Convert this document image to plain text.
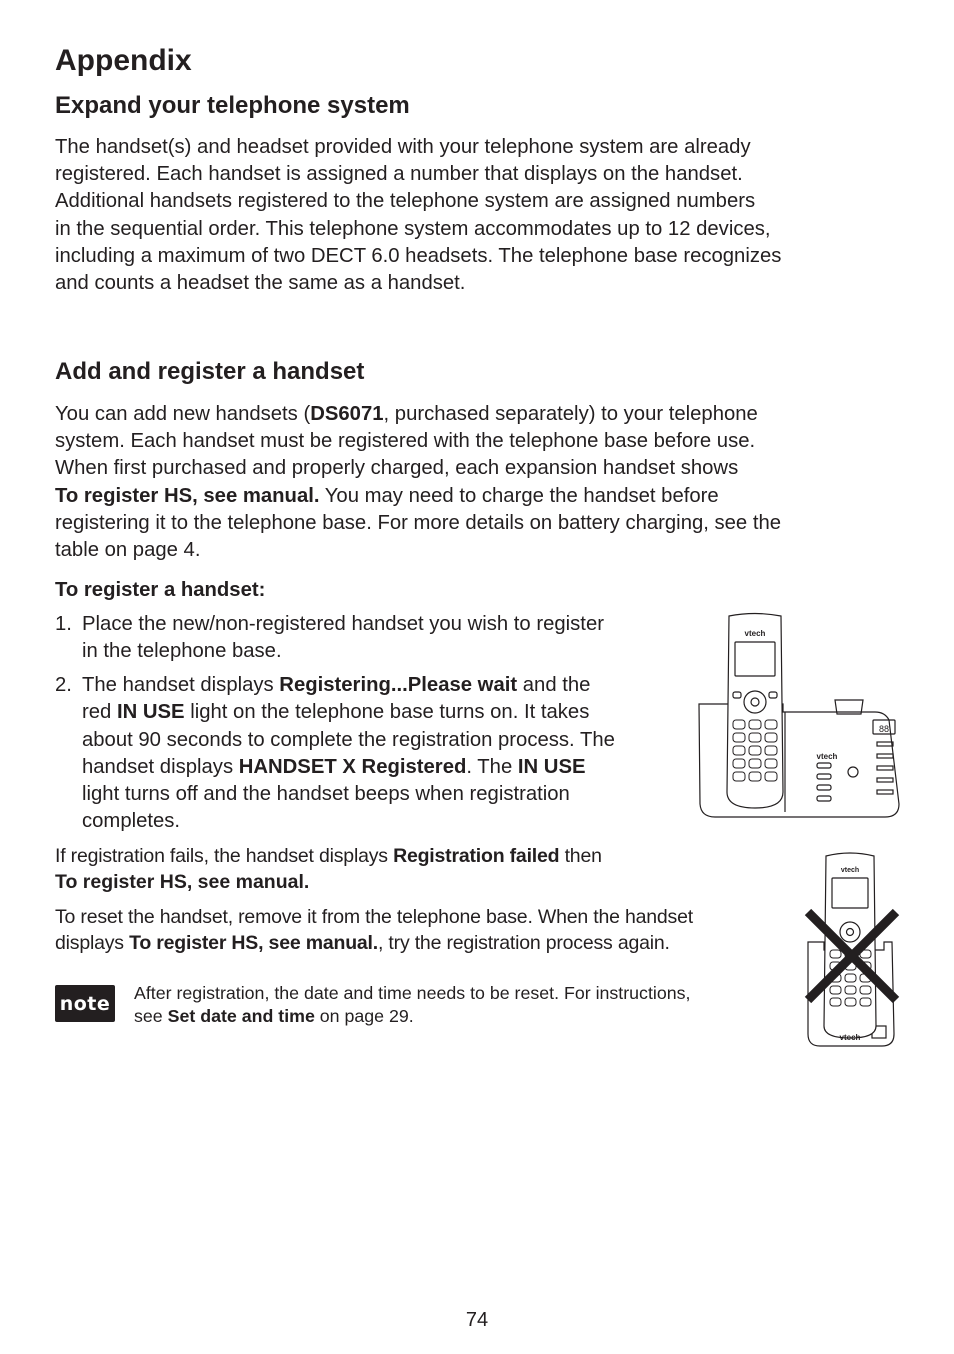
Appendix
Expand your telephone system

The handset(s) and headset provided with your telephone system are already

registered. Each handset is assigned a number that displays on the handset.

Additional handsets registered to the telephone system are assigned numbers

in the sequential order. This telephone system accommodates up to 12 devices,

including a maximum of two DECT 6.0 headsets. The telephone base recognizes

and counts a headset the same as a handset.

Add and register a handset

You can add new handsets (DS6071, purchased separately) to your telephone

system. Each handset must be registered with the telephone base before use.

When first purchased and properly charged, each expansion handset shows

To register HS, see manual. You may need to charge the handset before

registering it to the telephone base. For more details on battery charging, see the

table on page 4.

To register a handset:

1. Place the new/non-registered handset you wish to register

in the telephone base.

2. The handset displays Registering...Please wait and the

red IN USE light on the telephone base turns on. It takes

about 90 seconds to complete the registration process. The

handset displays HANDSET X Registered. The IN USE

light turns off and the handset beeps when registration

completes.

If registration fails, the handset displays Registration failed then

To register HS, see manual.

To reset the handset, remove it from the telephone base. When the handset

displays To register HS, see manual., try the registration process again.

note After registration, the date and time needs to be reset. For instructions,
see Set date and time on page 29.
vtech
vtech
88
vtech
vtech
74
